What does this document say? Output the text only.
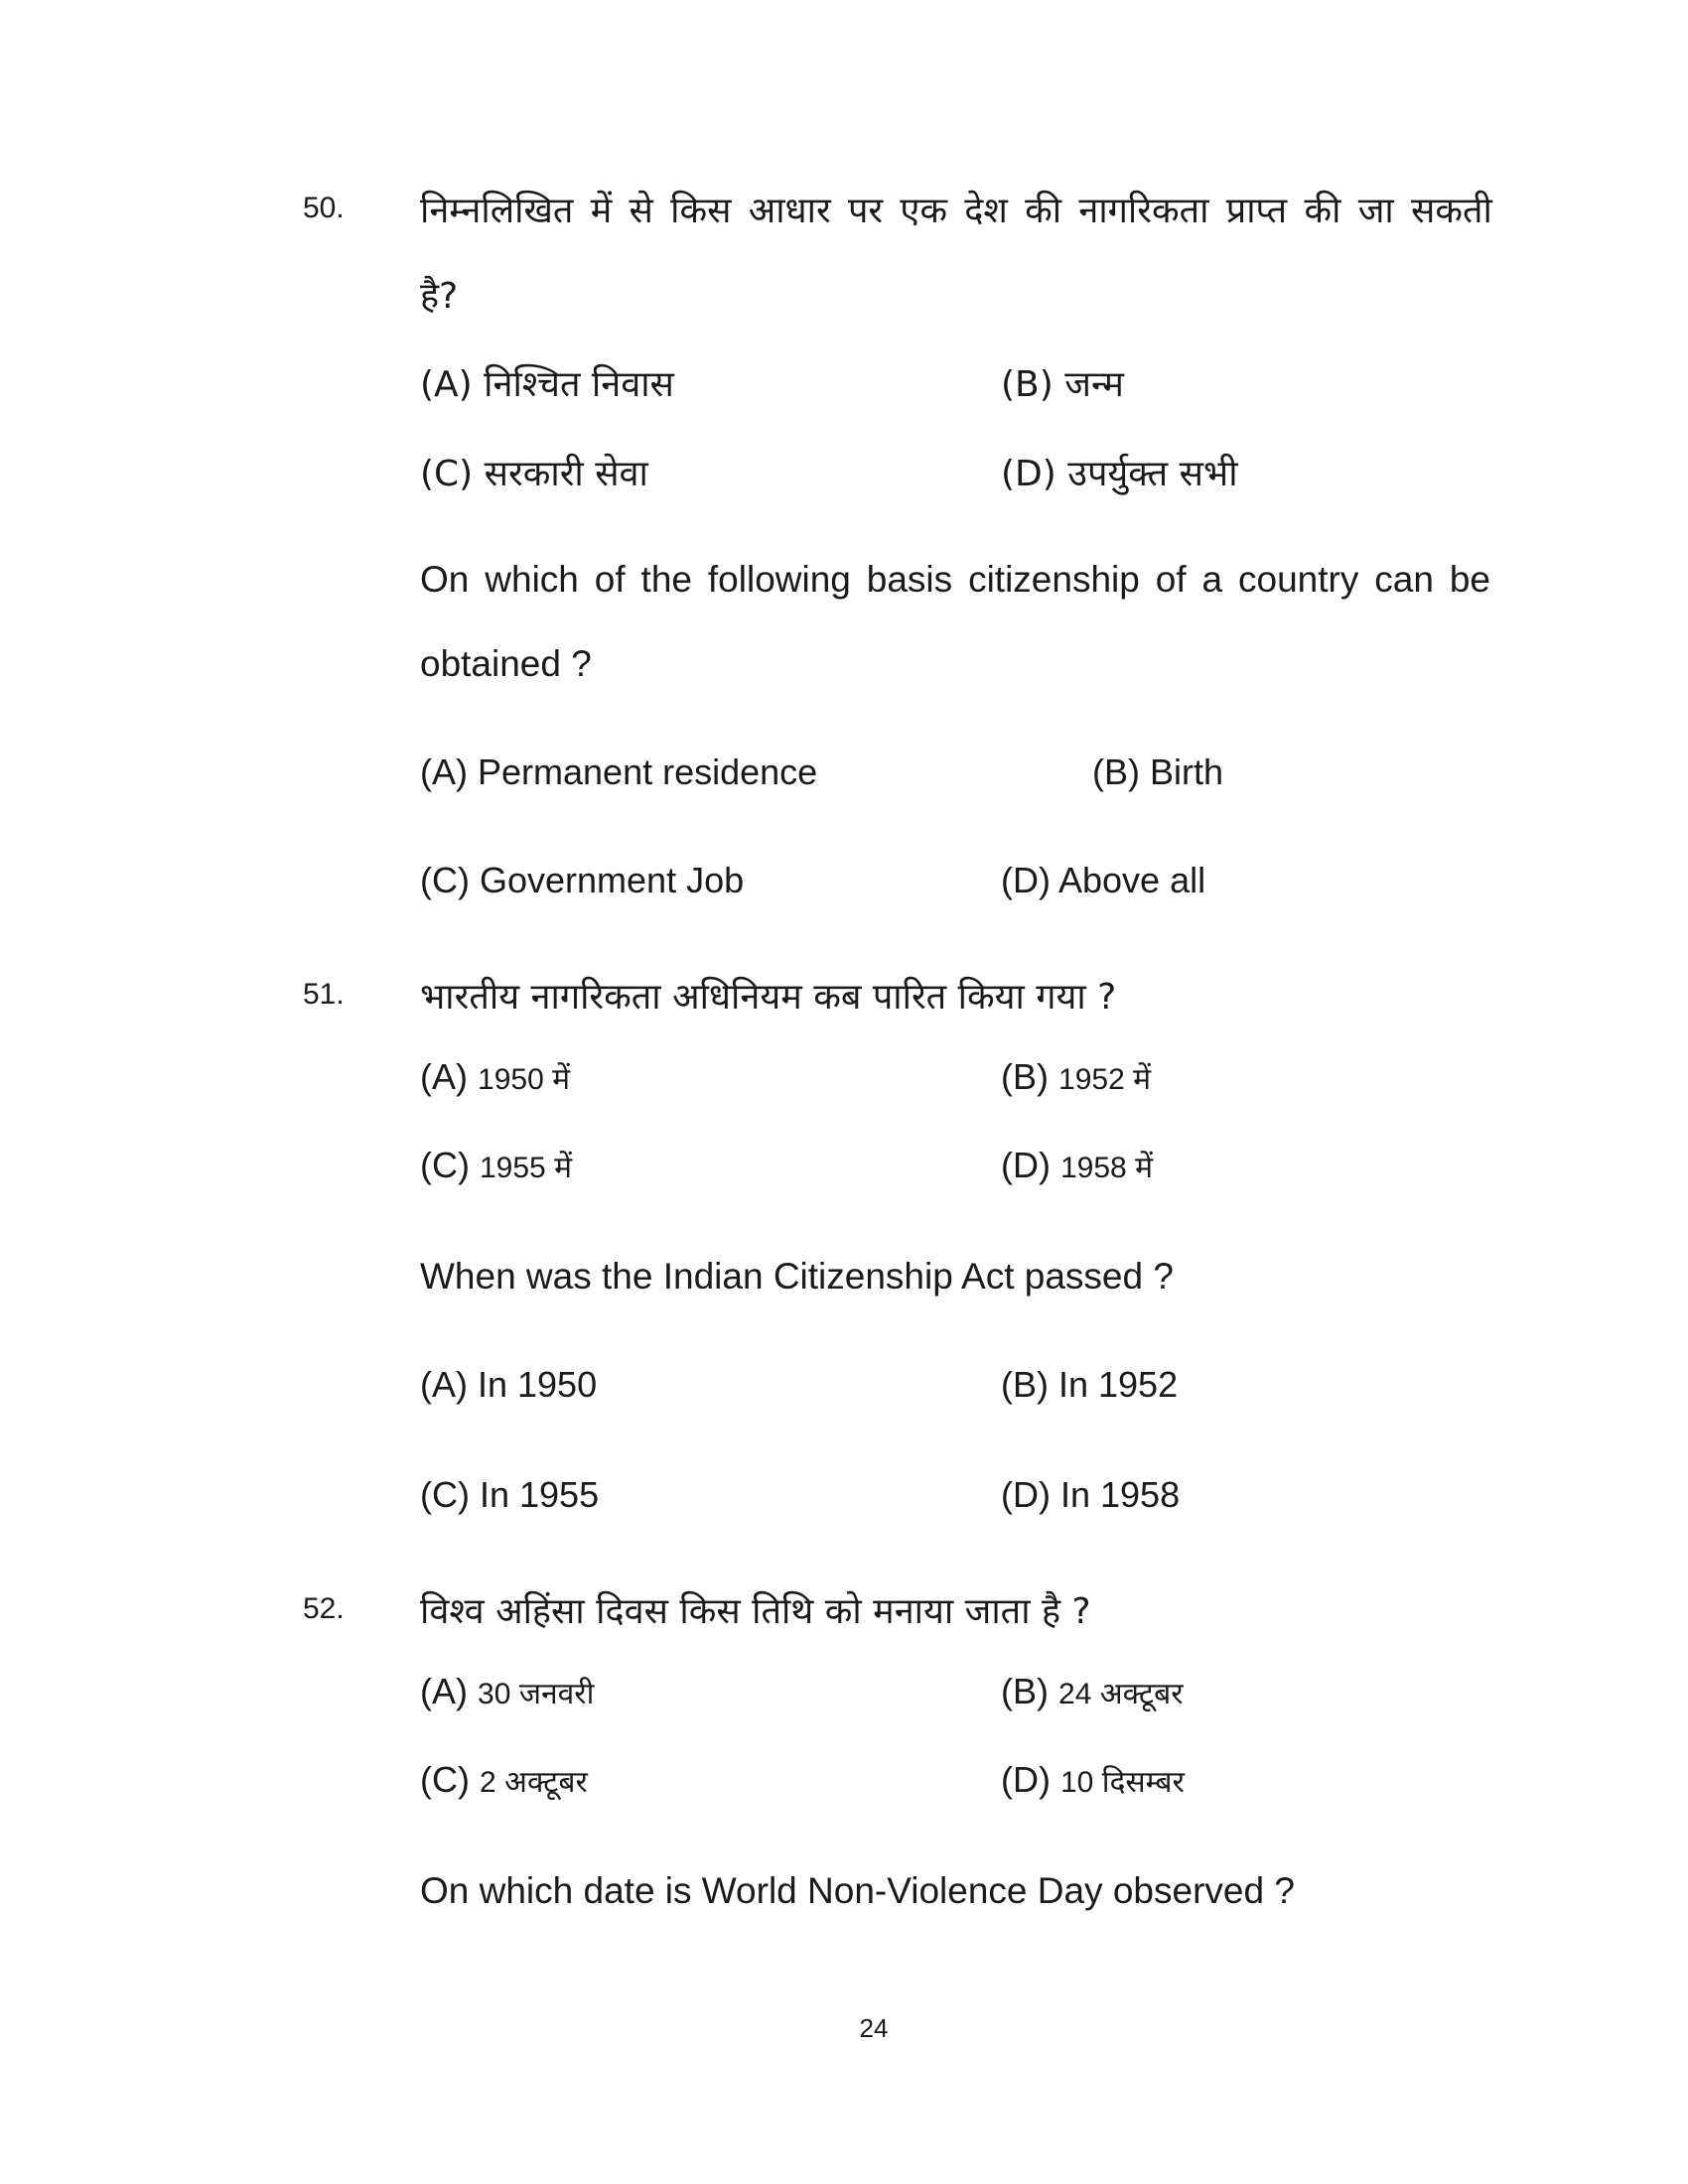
50. निम्नलिखित में से किस आधार पर एक देश की नागरिकता प्राप्त की जा सकती
है?
(A) निश्चित निवास	(B) जन्म
(C) सरकारी सेवा	(D) उपर्युक्त सभी
On which of the following basis citizenship of a country can be
obtained ?
(A) Permanent residence	(B) Birth
(C) Government Job	(D) Above all
51. भारतीय नागरिकता अधिनियम कब पारित किया गया ?
(A) 1950 में	(B) 1952 में
(C) 1955 में	(D) 1958 में
When was the Indian Citizenship Act passed ?
(A) In 1950	(B) In 1952
(C) In 1955	(D) In 1958
52. विश्व अहिंसा दिवस किस तिथि को मनाया जाता है ?
(A) 30 जनवरी	(B) 24 अक्टूबर
(C) 2 अक्टूबर	(D) 10 दिसम्बर
On which date is World Non-Violence Day observed ?
24
